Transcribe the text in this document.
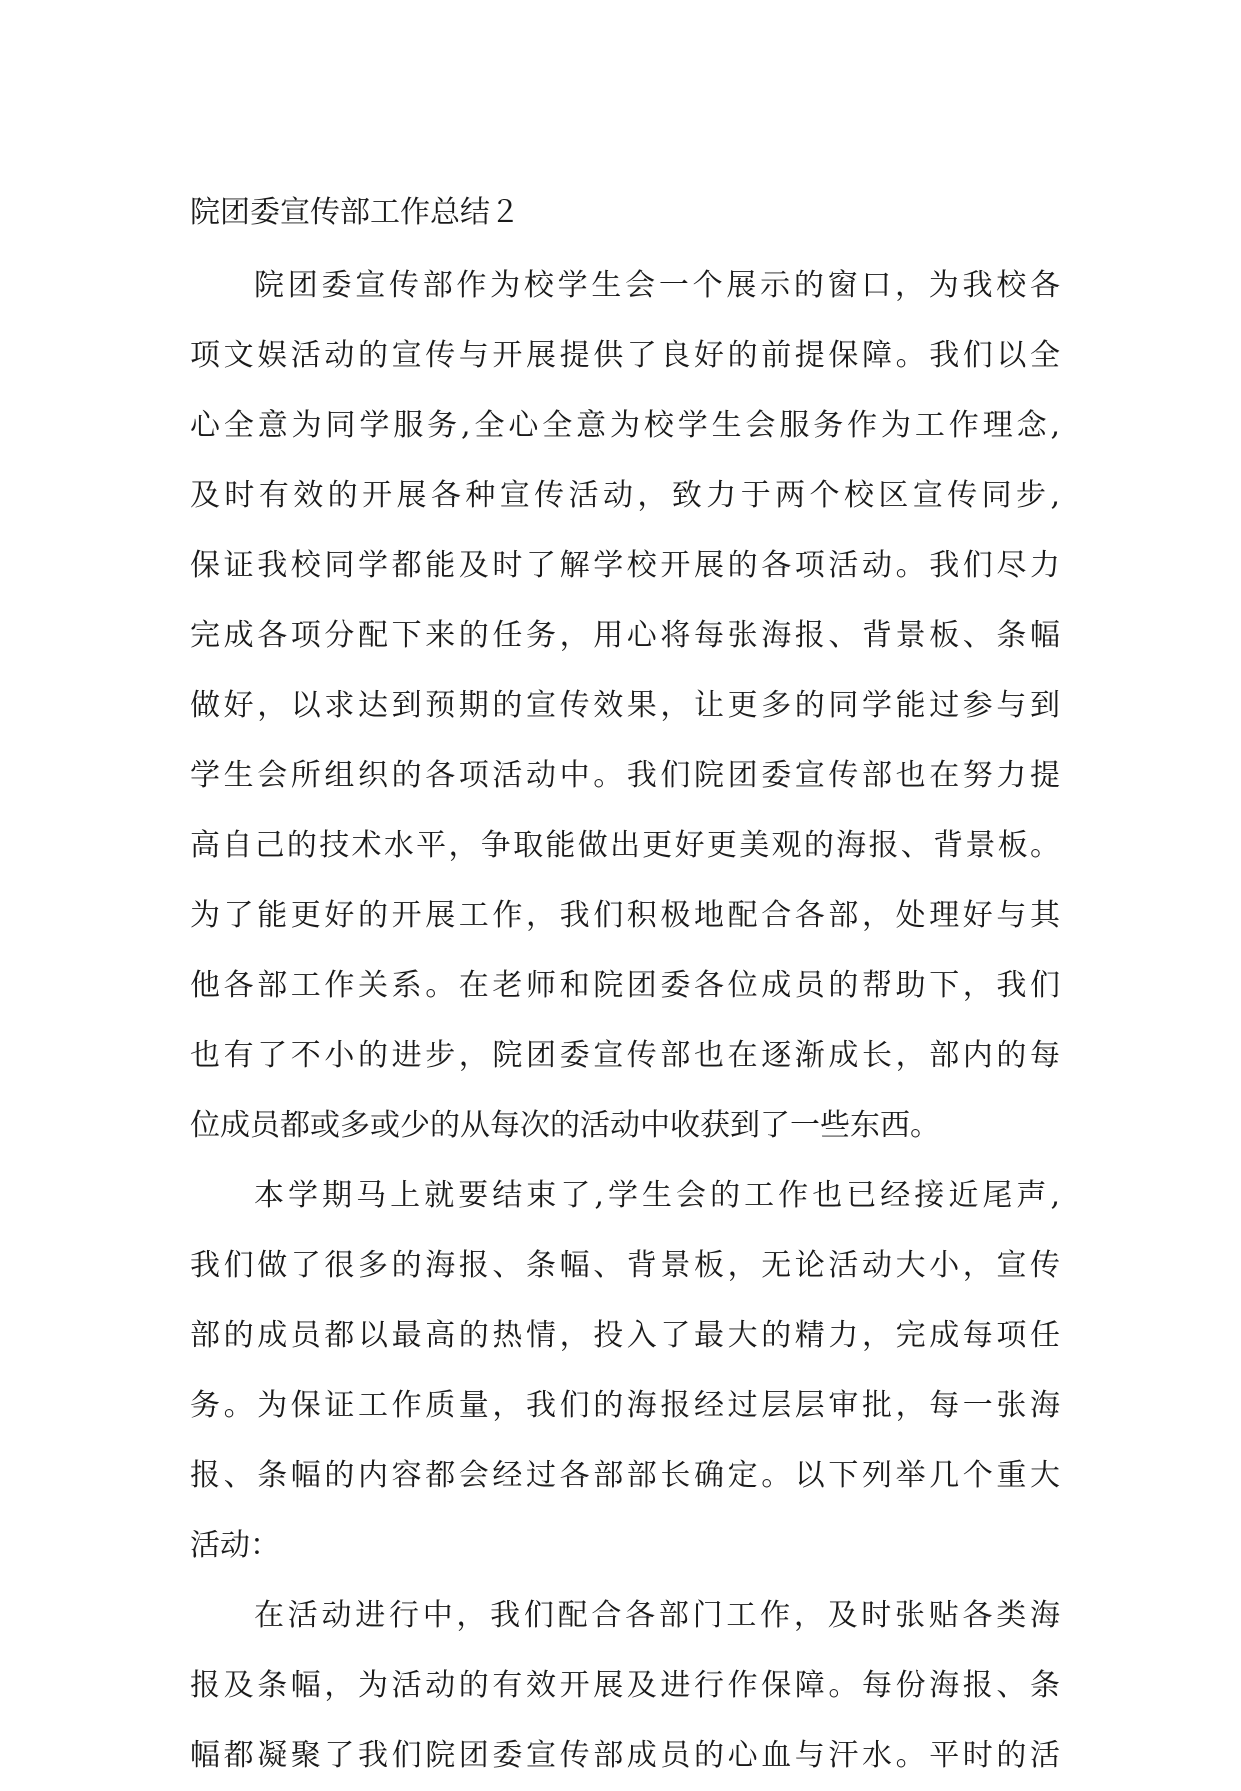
院团委宣传部工作总结２
院团委宣传部作为校学生会一个展示的窗口，为我校各
项文娱活动的宣传与开展提供了良好的前提保障。我们以全
心全意为同学服务,全心全意为校学生会服务作为工作理念,
及时有效的开展各种宣传活动，致力于两个校区宣传同步,
保证我校同学都能及时了解学校开展的各项活动。我们尽力
完成各项分配下来的任务，用心将每张海报、背景板、条幅
做好，以求达到预期的宣传效果，让更多的同学能过参与到
学生会所组织的各项活动中。我们院团委宣传部也在努力提
高自己的技术水平，争取能做出更好更美观的海报、背景板。
为了能更好的开展工作，我们积极地配合各部，处理好与其
他各部工作关系。在老师和院团委各位成员的帮助下，我们
也有了不小的进步，院团委宣传部也在逐渐成长，部内的每
位成员都或多或少的从每次的活动中收获到了一些东西。
本学期马上就要结束了,学生会的工作也已经接近尾声,
我们做了很多的海报、条幅、背景板，无论活动大小，宣传
部的成员都以最高的热情，投入了最大的精力，完成每项任
务。为保证工作质量，我们的海报经过层层审批，每一张海
报、条幅的内容都会经过各部部长确定。以下列举几个重大
活动：
在活动进行中，我们配合各部门工作，及时张贴各类海
报及条幅，为活动的有效开展及进行作保障。每份海报、条
幅都凝聚了我们院团委宣传部成员的心血与汗水。平时的活
